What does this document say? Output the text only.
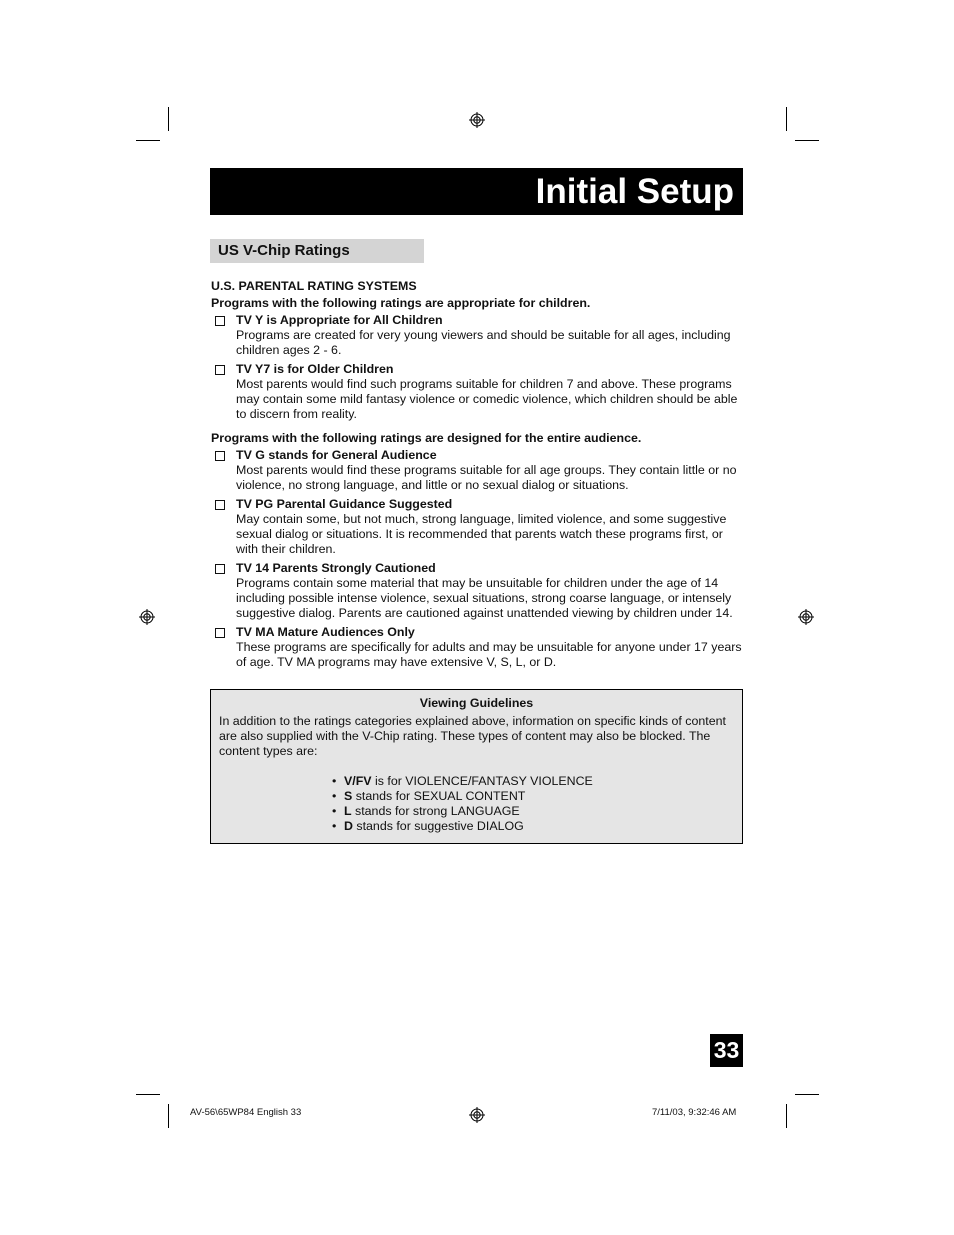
Initial Setup
US V-Chip Ratings
U.S. PARENTAL RATING SYSTEMS
Programs with the following ratings are appropriate for children.
TV Y is Appropriate for All Children
Programs are created for very young viewers and should be suitable for all ages, including children ages 2 - 6.
TV Y7 is for Older Children
Most parents would find such programs suitable for children 7 and above. These programs may contain some mild fantasy violence or comedic violence, which children should be able to discern from reality.
Programs with the following ratings are designed for the entire audience.
TV G stands for General Audience
Most parents would find these programs suitable for all age groups. They contain little or no violence, no strong language, and little or no sexual dialog or situations.
TV PG Parental Guidance Suggested
May contain some, but not much, strong language, limited violence, and some suggestive sexual dialog or situations. It is recommended that parents watch these programs first, or with their children.
TV 14 Parents Strongly Cautioned
Programs contain some material that may be unsuitable for children under the age of 14 including possible intense violence, sexual situations, strong coarse language, or intensely suggestive dialog. Parents are cautioned against unattended viewing by children under 14.
TV MA Mature Audiences Only
These programs are specifically for adults and may be unsuitable for anyone under 17 years of age. TV MA programs may have extensive V, S, L, or D.
Viewing Guidelines
In addition to the ratings categories explained above, information on specific kinds of content are also supplied with the V-Chip rating. These types of content may also be blocked. The content types are:
• V/FV is for VIOLENCE/FANTASY VIOLENCE
• S stands for SEXUAL CONTENT
• L stands for strong LANGUAGE
• D stands for suggestive DIALOG
33
AV-56\65WP84 English 33	7/11/03, 9:32:46 AM
